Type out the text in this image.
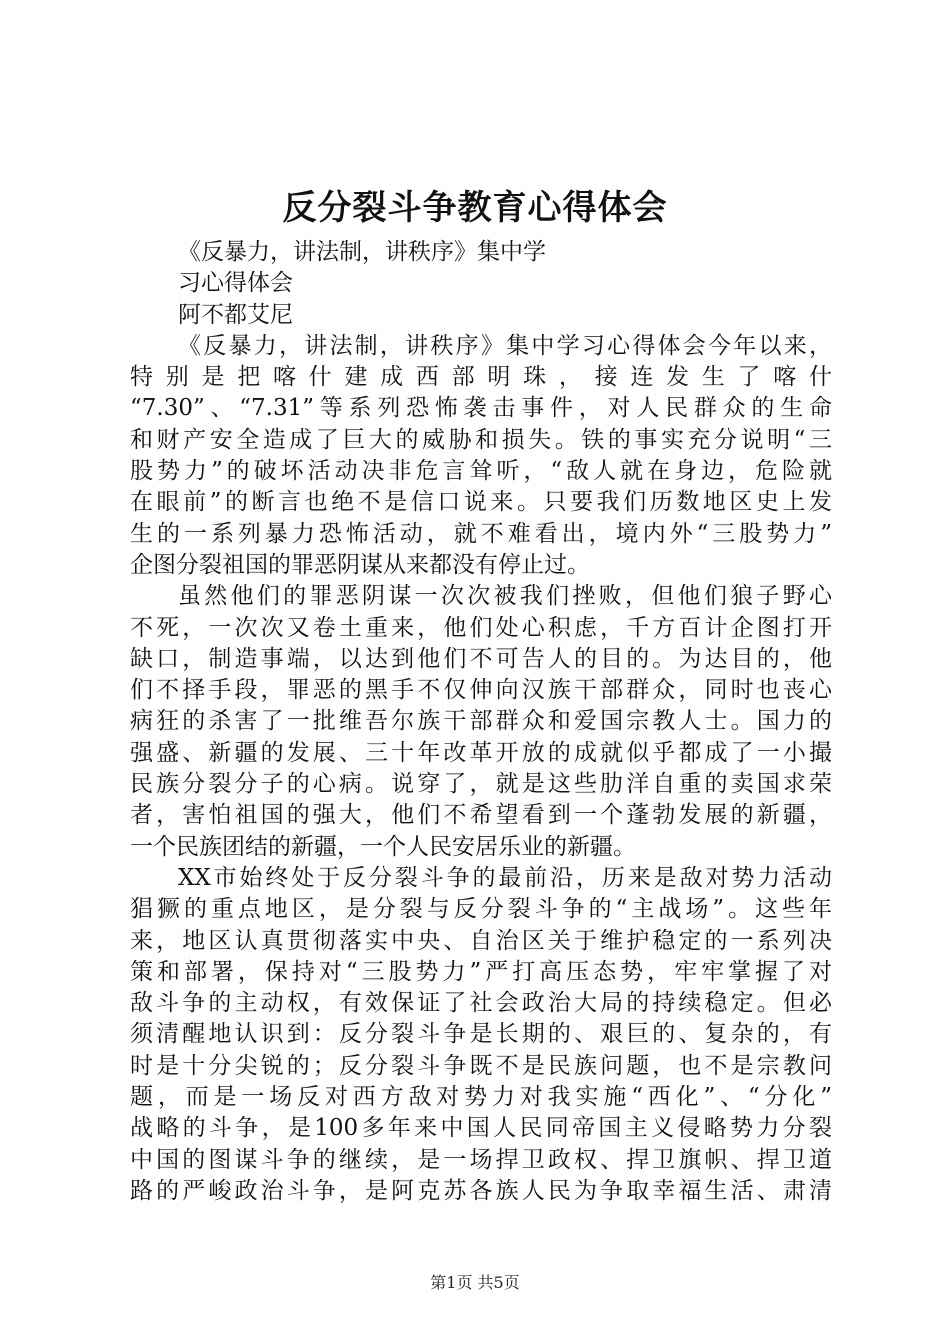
反分裂斗争教育心得体会
《反暴力，讲法制，讲秩序》集中学
习心得体会
阿不都艾尼
《反暴力，讲法制，讲秩序》集中学习心得体会今年以来，
特别是把喀什建成西部明珠，接连发生了喀什
“7.30”、“7.31”等系列恐怖袭击事件，对人民群众的生命
和财产安全造成了巨大的威胁和损失。铁的事实充分说明“三
股势力”的破坏活动决非危言耸听，“敌人就在身边，危险就
在眼前”的断言也绝不是信口说来。只要我们历数地区史上发
生的一系列暴力恐怖活动，就不难看出，境内外“三股势力”
企图分裂祖国的罪恶阴谋从来都没有停止过。
虽然他们的罪恶阴谋一次次被我们挫败，但他们狼子野心
不死，一次次又卷土重来，他们处心积虑，千方百计企图打开
缺口，制造事端，以达到他们不可告人的目的。为达目的，他
们不择手段，罪恶的黑手不仅伸向汉族干部群众，同时也丧心
病狂的杀害了一批维吾尔族干部群众和爱国宗教人士。国力的
强盛、新疆的发展、三十年改革开放的成就似乎都成了一小撮
民族分裂分子的心病。说穿了，就是这些肋洋自重的卖国求荣
者，害怕祖国的强大，他们不希望看到一个蓬勃发展的新疆，
一个民族团结的新疆，一个人民安居乐业的新疆。
XX市始终处于反分裂斗争的最前沿，历来是敌对势力活动
猖獗的重点地区，是分裂与反分裂斗争的“主战场”。这些年
来，地区认真贯彻落实中央、自治区关于维护稳定的一系列决
策和部署，保持对“三股势力”严打高压态势，牢牢掌握了对
敌斗争的主动权，有效保证了社会政治大局的持续稳定。但必
须清醒地认识到：反分裂斗争是长期的、艰巨的、复杂的，有
时是十分尖锐的；反分裂斗争既不是民族问题，也不是宗教问
题，而是一场反对西方敌对势力对我实施“西化”、“分化”
战略的斗争，是100多年来中国人民同帝国主义侵略势力分裂
中国的图谋斗争的继续，是一场捍卫政权、捍卫旗帜、捍卫道
路的严峻政治斗争，是阿克苏各族人民为争取幸福生活、肃清
第1页 共5页
